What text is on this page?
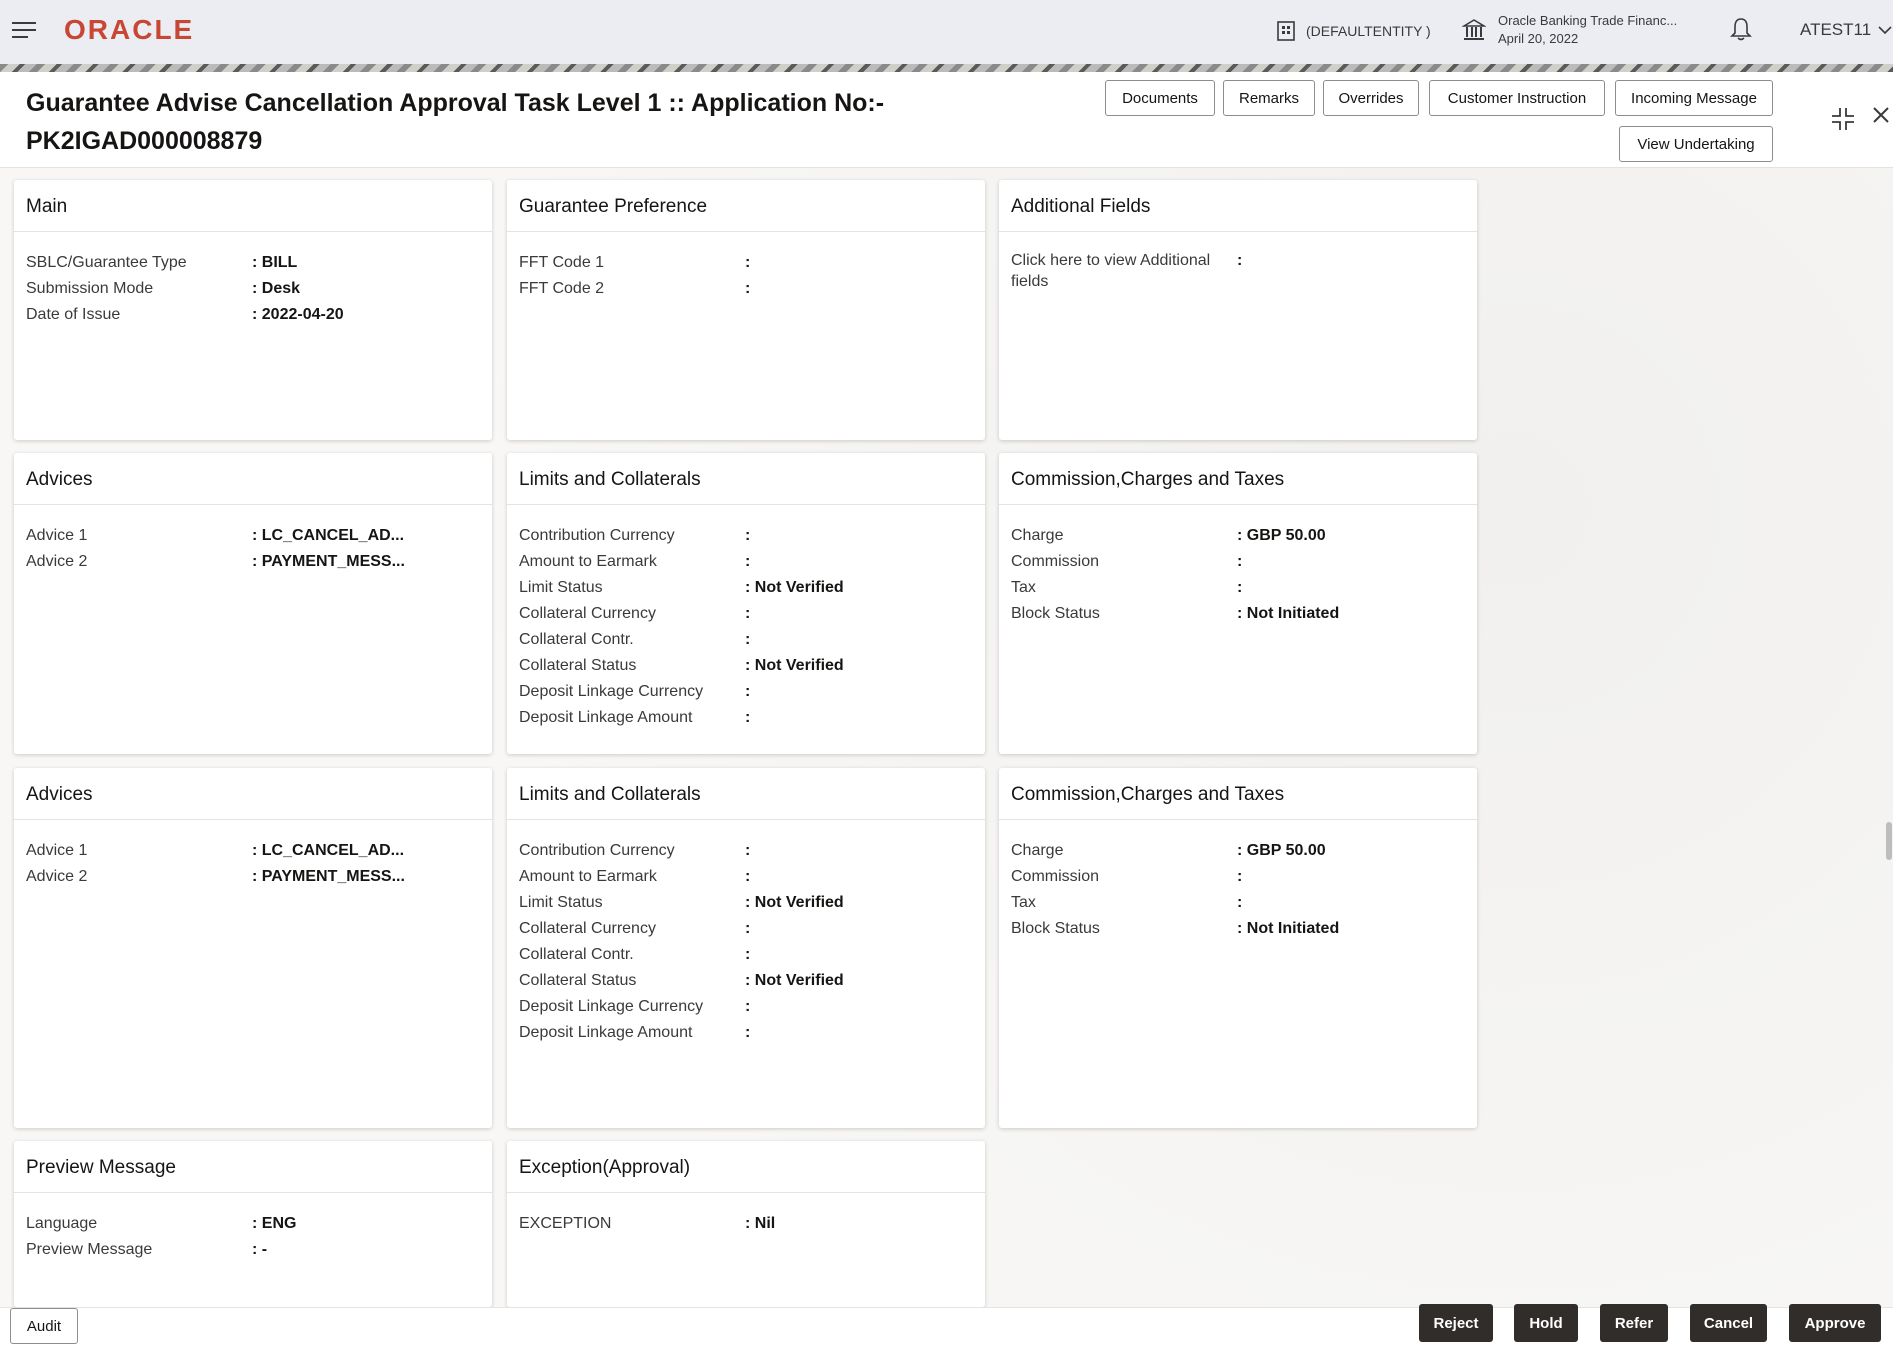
ORACLE	(DEFAULTENTITY )
Oracle Banking Trade Financ...
April 20, 2022	ATEST11
Guarantee Advise Cancellation Approval Task Level 1 :: Application No:- PK2IGAD000008879
Documents	Remarks	Overrides	Customer Instruction	Incoming Message
View Undertaking
Main
SBLC/Guarantee Type	: BILL
Submission Mode	: Desk
Date of Issue	: 2022-04-20
Guarantee Preference
FFT Code 1	:
FFT Code 2	:
Additional Fields
Click here to view Additional fields
:
Advices
Advice 1	: LC_CANCEL_AD...
Advice 2	: PAYMENT_MESS...
Limits and Collaterals
Contribution Currency	:
Amount to Earmark	:
Limit Status	: Not Verified
Collateral Currency	:
Collateral Contr.	:
Collateral Status	: Not Verified
Deposit Linkage Currency	:
Deposit Linkage Amount	:
Commission,Charges and Taxes
Charge	: GBP 50.00
Commission	:
Tax	:
Block Status	: Not Initiated
Advices
Advice 1	: LC_CANCEL_AD...
Advice 2	: PAYMENT_MESS...
Limits and Collaterals
Contribution Currency	:
Amount to Earmark	:
Limit Status	: Not Verified
Collateral Currency	:
Collateral Contr.	:
Collateral Status	: Not Verified
Deposit Linkage Currency	:
Deposit Linkage Amount	:
Commission,Charges and Taxes
Charge	: GBP 50.00
Commission	:
Tax	:
Block Status	: Not Initiated
Preview Message
Language	: ENG
Preview Message	: -
Exception(Approval)
EXCEPTION	: Nil
Audit	Reject	Hold	Refer	Cancel	Approve
